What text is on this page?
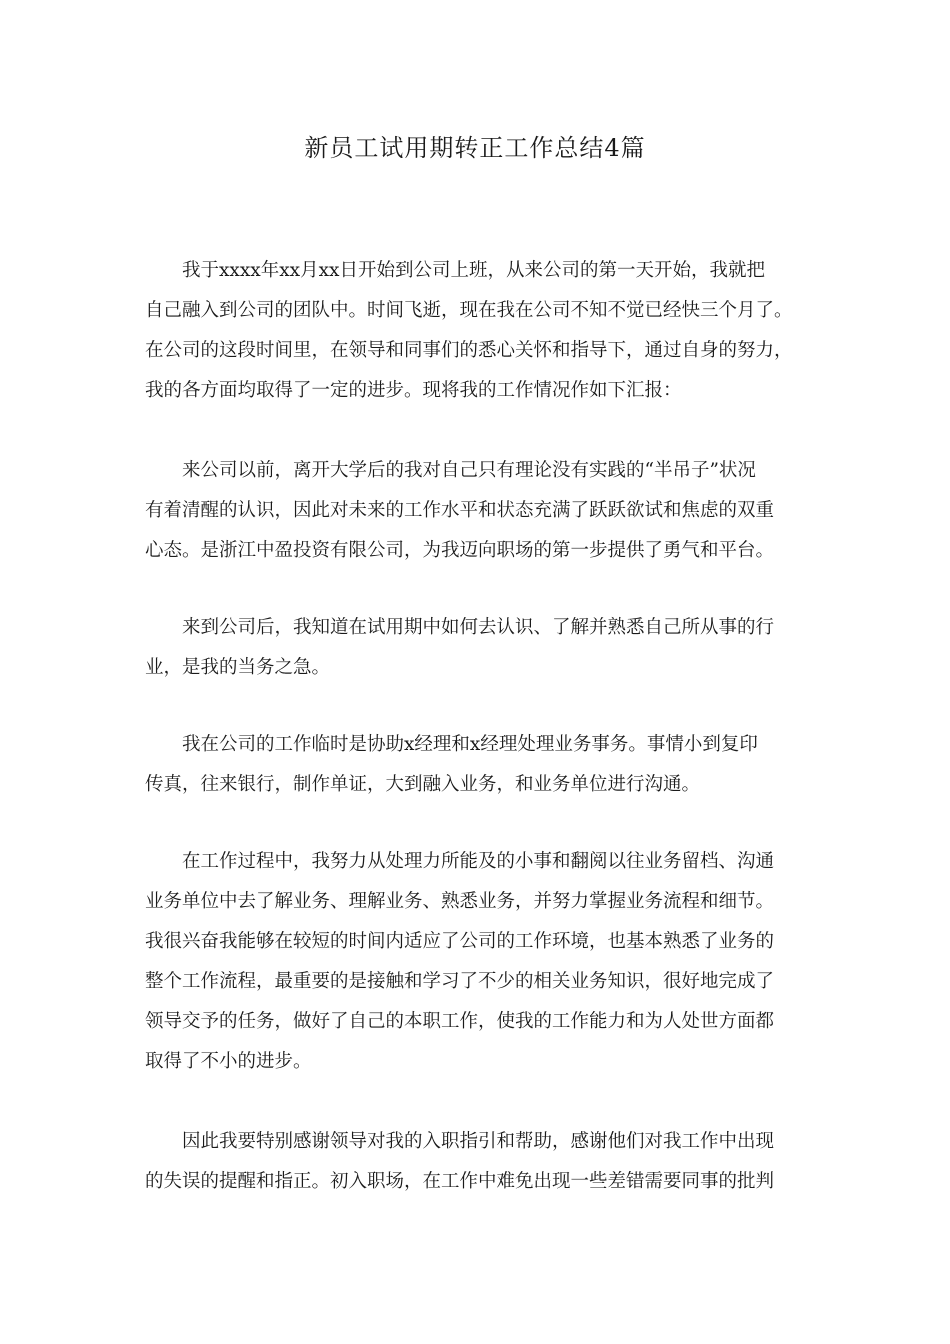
新员工试用期转正工作总结4篇
我于xxxx年xx月xx日开始到公司上班，从来公司的第一天开始，我就把
自己融入到公司的团队中。时间飞逝，现在我在公司不知不觉已经快三个月了。
在公司的这段时间里，在领导和同事们的悉心关怀和指导下，通过自身的努力，
我的各方面均取得了一定的进步。现将我的工作情况作如下汇报：
来公司以前，离开大学后的我对自己只有理论没有实践的“半吊子”状况
有着清醒的认识，因此对未来的工作水平和状态充满了跃跃欲试和焦虑的双重
心态。是浙江中盈投资有限公司，为我迈向职场的第一步提供了勇气和平台。
来到公司后，我知道在试用期中如何去认识、了解并熟悉自己所从事的行
业，是我的当务之急。
我在公司的工作临时是协助x经理和x经理处理业务事务。事情小到复印
传真，往来银行，制作单证，大到融入业务，和业务单位进行沟通。
在工作过程中，我努力从处理力所能及的小事和翻阅以往业务留档、沟通
业务单位中去了解业务、理解业务、熟悉业务，并努力掌握业务流程和细节。
我很兴奋我能够在较短的时间内适应了公司的工作环境，也基本熟悉了业务的
整个工作流程，最重要的是接触和学习了不少的相关业务知识，很好地完成了
领导交予的任务，做好了自己的本职工作，使我的工作能力和为人处世方面都
取得了不小的进步。
因此我要特别感谢领导对我的入职指引和帮助，感谢他们对我工作中出现
的失误的提醒和指正。初入职场，在工作中难免出现一些差错需要同事的批判
